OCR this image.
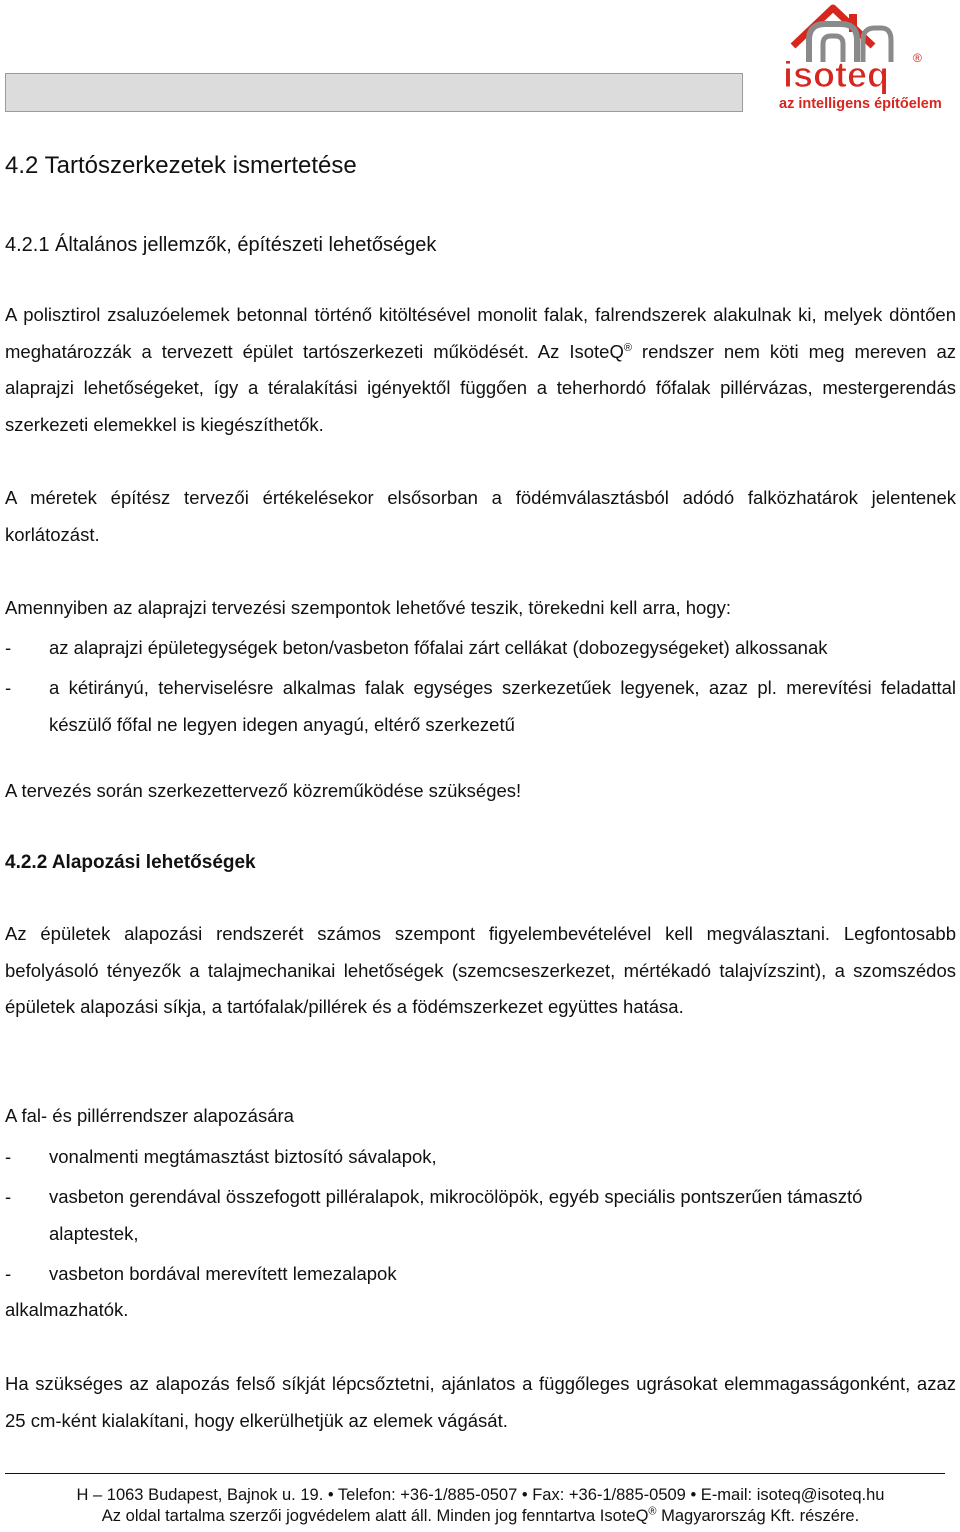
isoteq ®
az intelligens építőelem
4.2 Tartószerkezetek ismertetése
4.2.1 Általános jellemzők, építészeti lehetőségek
A polisztirol zsaluzóelemek betonnal történő kitöltésével monolit falak, falrendszerek alakulnak ki, melyek döntően meghatározzák a tervezett épület tartószerkezeti működését. Az IsoteQ® rendszer nem köti meg mereven az alaprajzi lehetőségeket, így a téralakítási igényektől függően a teherhordó főfalak pillérvázas, mestergerendás szerkezeti elemekkel is kiegészíthetők.
A méretek építész tervezői értékelésekor elsősorban a födémválasztásból adódó falközhatárok jelentenek korlátozást.
Amennyiben az alaprajzi tervezési szempontok lehetővé teszik, törekedni kell arra, hogy:
-	az alaprajzi épületegységek beton/vasbeton főfalai zárt cellákat (dobozegységeket) alkossanak
-	a kétirányú, teherviselésre alkalmas falak egységes szerkezetűek legyenek, azaz pl. merevítési feladattal készülő főfal ne legyen idegen anyagú, eltérő szerkezetű
A tervezés során szerkezettervező közreműködése szükséges!
4.2.2 Alapozási lehetőségek
Az épületek alapozási rendszerét számos szempont figyelembevételével kell megválasztani. Legfontosabb befolyásoló tényezők a talajmechanikai lehetőségek (szemcseszerkezet, mértékadó talajvízszint), a szomszédos épületek alapozási síkja, a tartófalak/pillérek és a födémszerkezet együttes hatása.
A fal- és pillérrendszer alapozására
-	vonalmenti megtámasztást biztosító sávalapok,
-	vasbeton gerendával összefogott pilléralapok, mikrocölöpök, egyéb speciális pontszerűen támasztó alaptestek,
-	vasbeton bordával merevített lemezalapok
alkalmazhatók.
Ha szükséges az alapozás felső síkját lépcsőztetni, ajánlatos a függőleges ugrásokat elemmagasságonként, azaz 25 cm-ként kialakítani, hogy elkerülhetjük az elemek vágását.
H – 1063 Budapest, Bajnok u. 19. • Telefon: +36-1/885-0507 • Fax: +36-1/885-0509 • E-mail: isoteq@isoteq.hu
Az oldal tartalma szerzői jogvédelem alatt áll. Minden jog fenntartva IsoteQ® Magyarország Kft. részére.
